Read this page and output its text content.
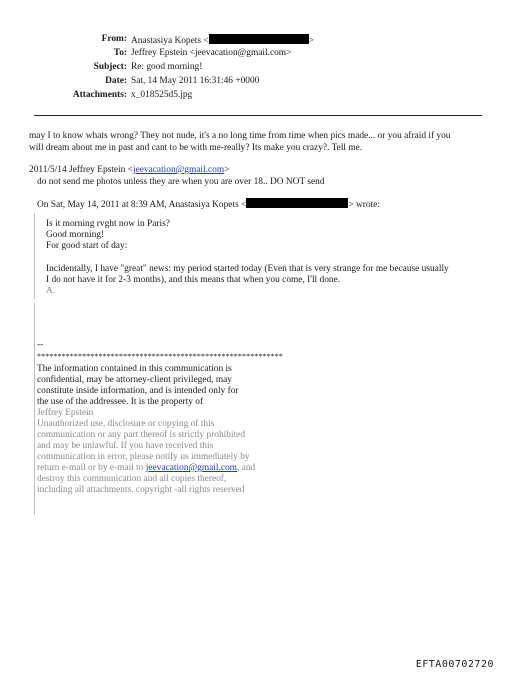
From: Anastasiya Kopets <	>
To: Jeffrey Epstein <jeevacation@gmail.com>
Subject: Re: good morning!
Date: Sat, 14 May 2011 16:31:46 +0000
Attachments: x_018525d5.jpg
may I to know whats wrong? They not nude, it's a no long time from time when pics made... or you afraid if you
will dream about me in past and cant to be with me-really? Its make you crazy?. Tell me.
2011/5/14 Jeffrey Epstein <jeevacation@gmail.com>
do not send me photos unless they are when you are over 18.. DO NOT send
On Sat, May 14, 2011 at 8:39 AM, Anastasiya Kopets <	> wrote:
Is it morning rvght now in Paris?
Good morning!
For good start of day:
Incidentally, I have "great" news: my period started today (Even that is very strange for me because usually
I do not have it for 2-3 months), and this means that when you come, I'll done.
A.
--
************************************************************
The information contained in this communication is
confidential, may be attorney-client privileged, may
constitute inside information, and is intended only for
the use of the addressee. It is the property of
Jeffrey Epstein
Unauthorized use, disclosure or copying of this
communication or any part thereof is strictly prohibited
and may be unlawful. If you have received this
communication in error, please notify us immediately by
return e-mail or by e-mail to jeevacation@gmail.com, and
destroy this communication and all copies thereof,
including all attachments. copyright -all rights reserved
EFTA00702720
